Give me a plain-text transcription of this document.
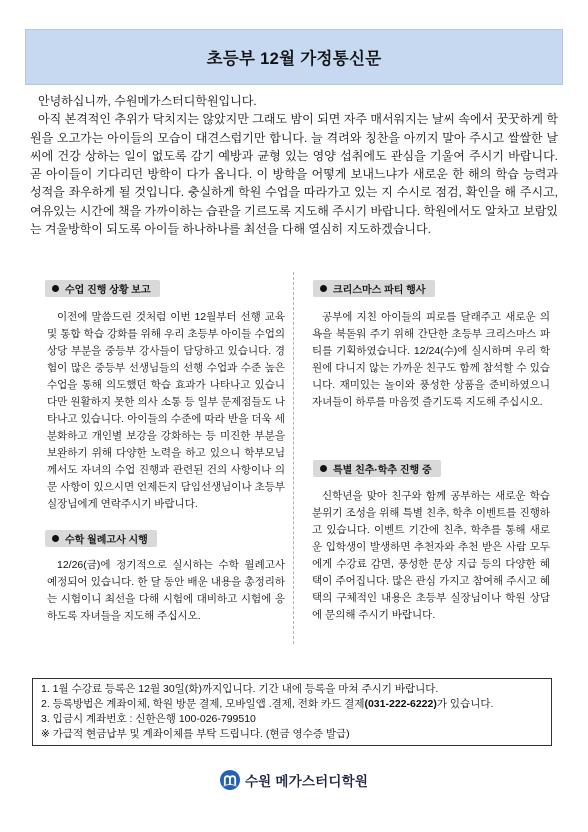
초등부 12월 가정통신문

안녕하십니까, 수원메가스터디학원입니다.

아직 본격적인 추위가 닥치지는 않았지만 그래도 밤이 되면 자주 매서워지는 날씨 속에서 꿋꿋하게 학원을 오고가는 아이들의 모습이 대견스럽기만 합니다. 늘 격려와 칭찬을 아끼지 말아 주시고 쌀쌀한 날씨에 건강 상하는 일이 없도록 감기 예방과 균형 있는 영양 섭취에도 관심을 기울여 주시기 바랍니다. 곧 아이들이 기다리던 방학이 다가 옵니다. 이 방학을 어떻게 보내느냐가 새로운 한 해의 학습 능력과 성적을 좌우하게 될 것입니다. 충실하게 학원 수업을 따라가고 있는 지 수시로 점검, 확인을 해 주시고, 여유있는 시간에 책을 가까이하는 습관을 기르도록 지도해 주시기 바랍니다. 학원에서도 알차고 보람있는 겨울방학이 되도록 아이들 하나하나를 최선을 다해 열심히 지도하겠습니다.

수업 진행 상황 보고

이전에 말씀드린 것처럼 이번 12월부터 선행 교육 및 통합 학습 강화를 위해 우리 초등부 아이들 수업의 상당 부분을 중등부 강사들이 담당하고 있습니다. 경험이 많은 중등부 선생님들의 선행 수업과 수준 높은 수업을 통해 의도했던 학습 효과가 나타나고 있습니다만 원활하지 못한 의사 소통 등 일부 문제점들도 나타나고 있습니다. 아이들의 수준에 따라 반을 더욱 세분화하고 개인별 보강을 강화하는 등 미진한 부분을 보완하기 위해 다양한 노력을 하고 있으니 학부모님께서도 자녀의 수업 진행과 관련된 건의 사항이나 의문 사항이 있으시면 언제든지 담임선생님이나 초등부 실장님에게 연락주시기 바랍니다.

수학 월례고사 시행

12/26(금)에 정기적으로 실시하는 수학 월례고사 예정되어 있습니다. 한 달 동안 배운 내용을 총정리하는 시험이니 최선을 다해 시험에 대비하고 시험에 응하도록 자녀들을 지도해 주십시오.

크리스마스 파티 행사

공부에 지친 아이들의 피로를 달래주고 새로운 의욕을 북돋워 주기 위해 간단한 초등부 크리스마스 파티를 기획하였습니다. 12/24(수)에 실시하며 우리 학원에 다니지 않는 가까운 친구도 함께 참석할 수 있습니다. 재미있는 놀이와 풍성한 상품을 준비하였으니 자녀들이 하루를 마음껏 즐기도록 지도해 주십시오.

특별 친추·학추 진행 중

신학년을 맞아 친구와 함께 공부하는 새로운 학습 분위기 조성을 위해 특별 친추, 학추 이벤트를 진행하고 있습니다. 이벤트 기간에 친추, 학추를 통해 새로운 입학생이 발생하면 추천자와 추천 받은 사람 모두에게 수강료 감면, 풍성한 문상 지급 등의 다양한 혜택이 주어집니다. 많은 관심 가지고 참여해 주시고 혜택의 구체적인 내용은 초등부 실장님이나 학원 상담에 문의해 주시기 바랍니다.

1. 1월 수강료 등록은 12월 30일(화)까지입니다. 기간 내에 등록을 마쳐 주시기 바랍니다.
2. 등록방법은 계좌이체, 학원 방문 결제, 모바일앱 .결제, 전화 카드 결제(031-222-6222)가 있습니다.
3. 입금시 계좌번호 : 신한은행 100-026-799510
※ 가급적 현금납부 및 계좌이체를 부탁 드립니다. (현금 영수증 발급)
수원 메가스터디학원
